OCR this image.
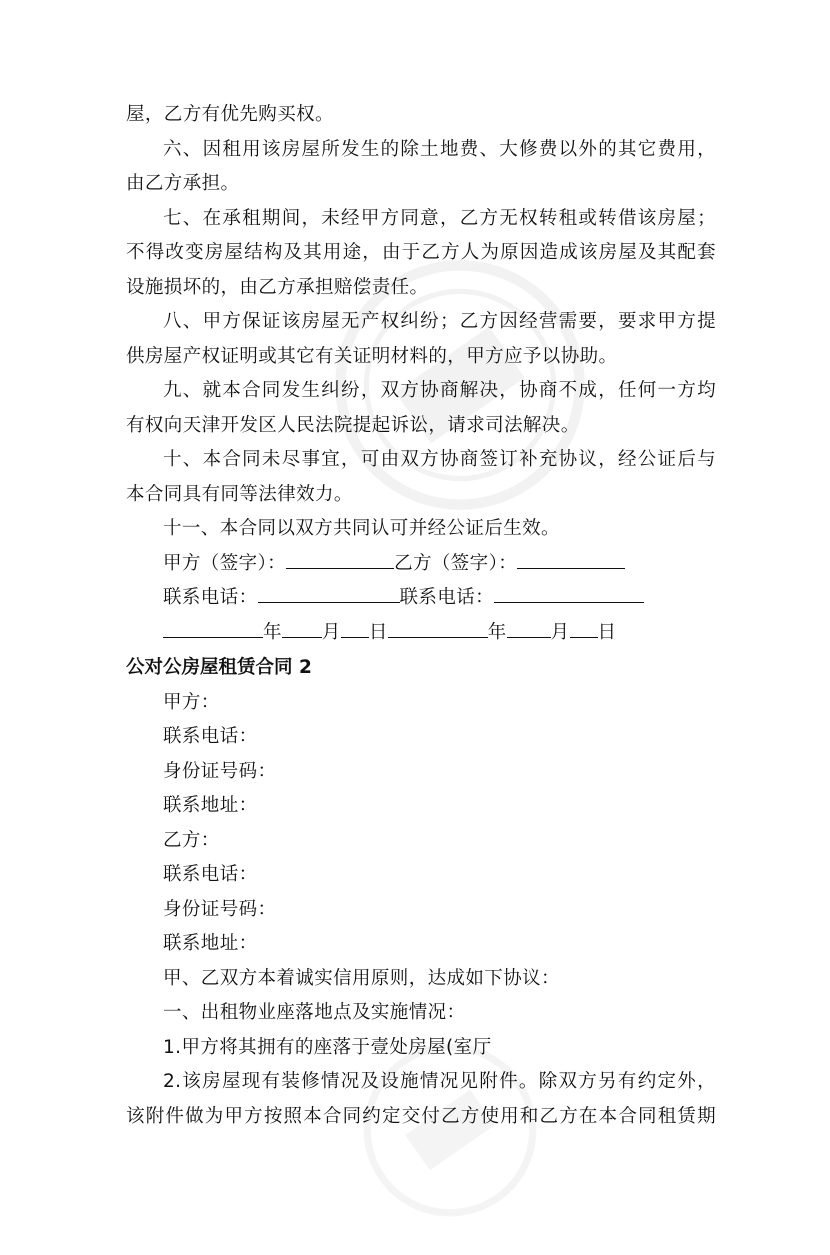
屋，乙方有优先购买权。
六、因租用该房屋所发生的除土地费、大修费以外的其它费用，
由乙方承担。
七、在承租期间，未经甲方同意，乙方无权转租或转借该房屋；
不得改变房屋结构及其用途，由于乙方人为原因造成该房屋及其配套
设施损坏的，由乙方承担赔偿责任。
八、甲方保证该房屋无产权纠纷；乙方因经营需要，要求甲方提
供房屋产权证明或其它有关证明材料的，甲方应予以协助。
九、就本合同发生纠纷，双方协商解决，协商不成，任何一方均
有权向天津开发区人民法院提起诉讼，请求司法解决。
十、本合同未尽事宜，可由双方协商签订补充协议，经公证后与
本合同具有同等法律效力。
十一、本合同以双方共同认可并经公证后生效。
甲方（签字）：	乙方（签字）：
联系电话：	联系电话：
年 月 日	年 月 日
公对公房屋租赁合同 2
甲方：
联系电话：
身份证号码：
联系地址：
乙方：
联系电话：
身份证号码：
联系地址：
甲、乙双方本着诚实信用原则，达成如下协议：
一、出租物业座落地点及实施情况：
1.甲方将其拥有的座落于壹处房屋(室厅
2.该房屋现有装修情况及设施情况见附件。除双方另有约定外，
该附件做为甲方按照本合同约定交付乙方使用和乙方在本合同租赁期
